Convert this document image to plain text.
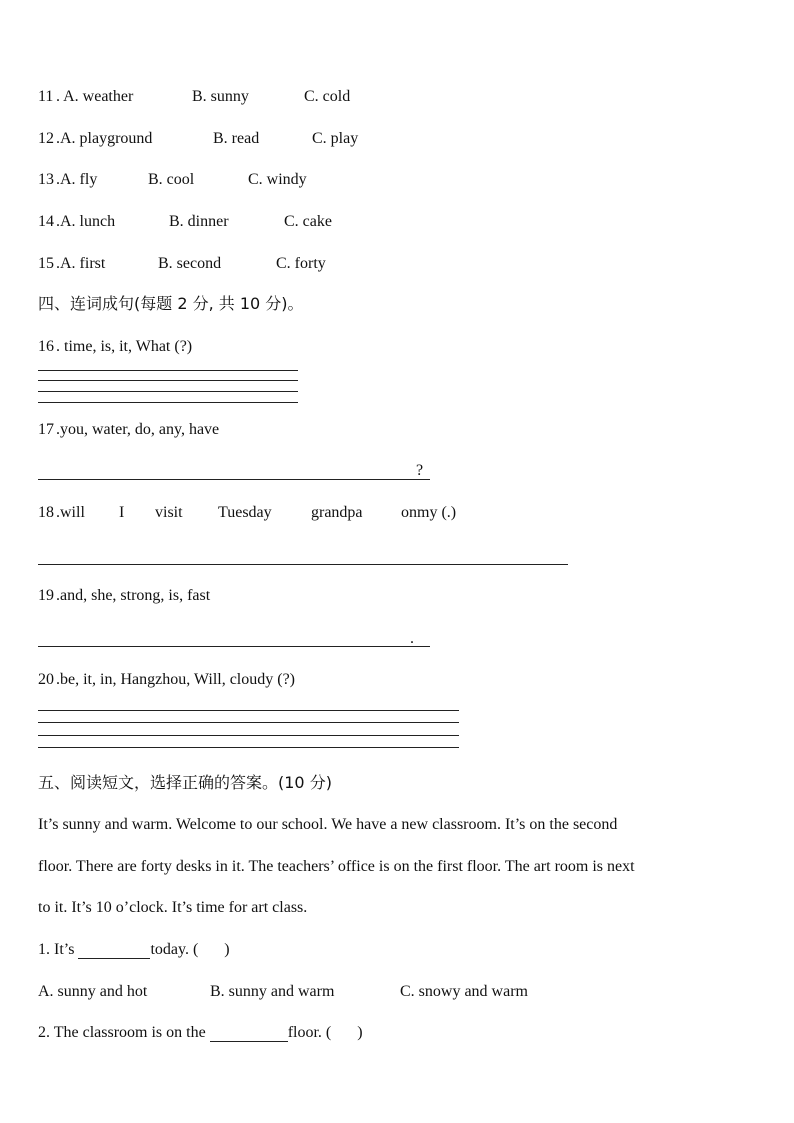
11 . A. weather	B. sunny	C. cold
12 .A. playground	B. read	C. play
13 .A. fly	B. cool	C. windy
14 .A. lunch	B. dinner	C. cake
15 .A. first	B. second	C. forty
四、连词成句(每题 2 分, 共 10 分)。
16 . time, is, it, What (?)
17 .you, water, do, any, have
?
18 .will I visit Tuesday grandpa onmy (.)
19 .and, she, strong, is, fast
.
20 .be, it, in, Hangzhou, Will, cloudy (?)
五、阅读短文，选择正确的答案。(10 分)
It’s sunny and warm. Welcome to our school. We have a new classroom. It’s on the second
floor. There are forty desks in it. The teachers’ office is on the first floor. The art room is next
to it. It’s 10 o’clock. It’s time for art class.
1. It’s	today. ( )
A. sunny and hot	B. sunny and warm	C. snowy and warm
2. The classroom is on the	floor. ( )
